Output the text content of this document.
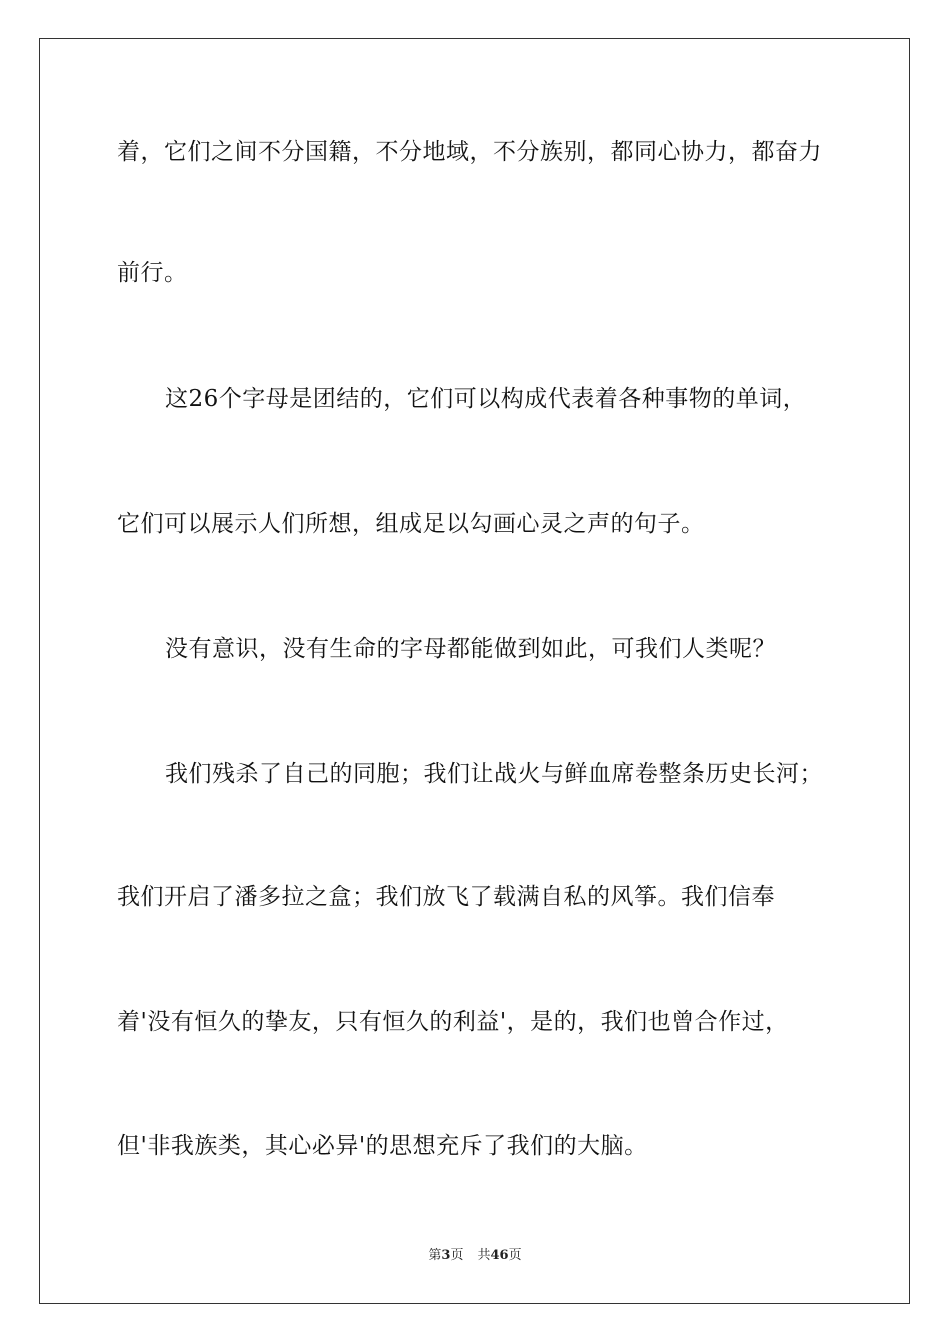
着，它们之间不分国籍，不分地域，不分族别，都同心协力，都奋力
前行。
这26个字母是团结的，它们可以构成代表着各种事物的单词，
它们可以展示人们所想，组成足以勾画心灵之声的句子。
没有意识，没有生命的字母都能做到如此，可我们人类呢？
我们残杀了自己的同胞；我们让战火与鲜血席卷整条历史长河；
我们开启了潘多拉之盒；我们放飞了载满自私的风筝。我们信奉
着'没有恒久的挚友，只有恒久的利益'，是的，我们也曾合作过，
但'非我族类，其心必异'的思想充斥了我们的大脑。
第3页 共46页
